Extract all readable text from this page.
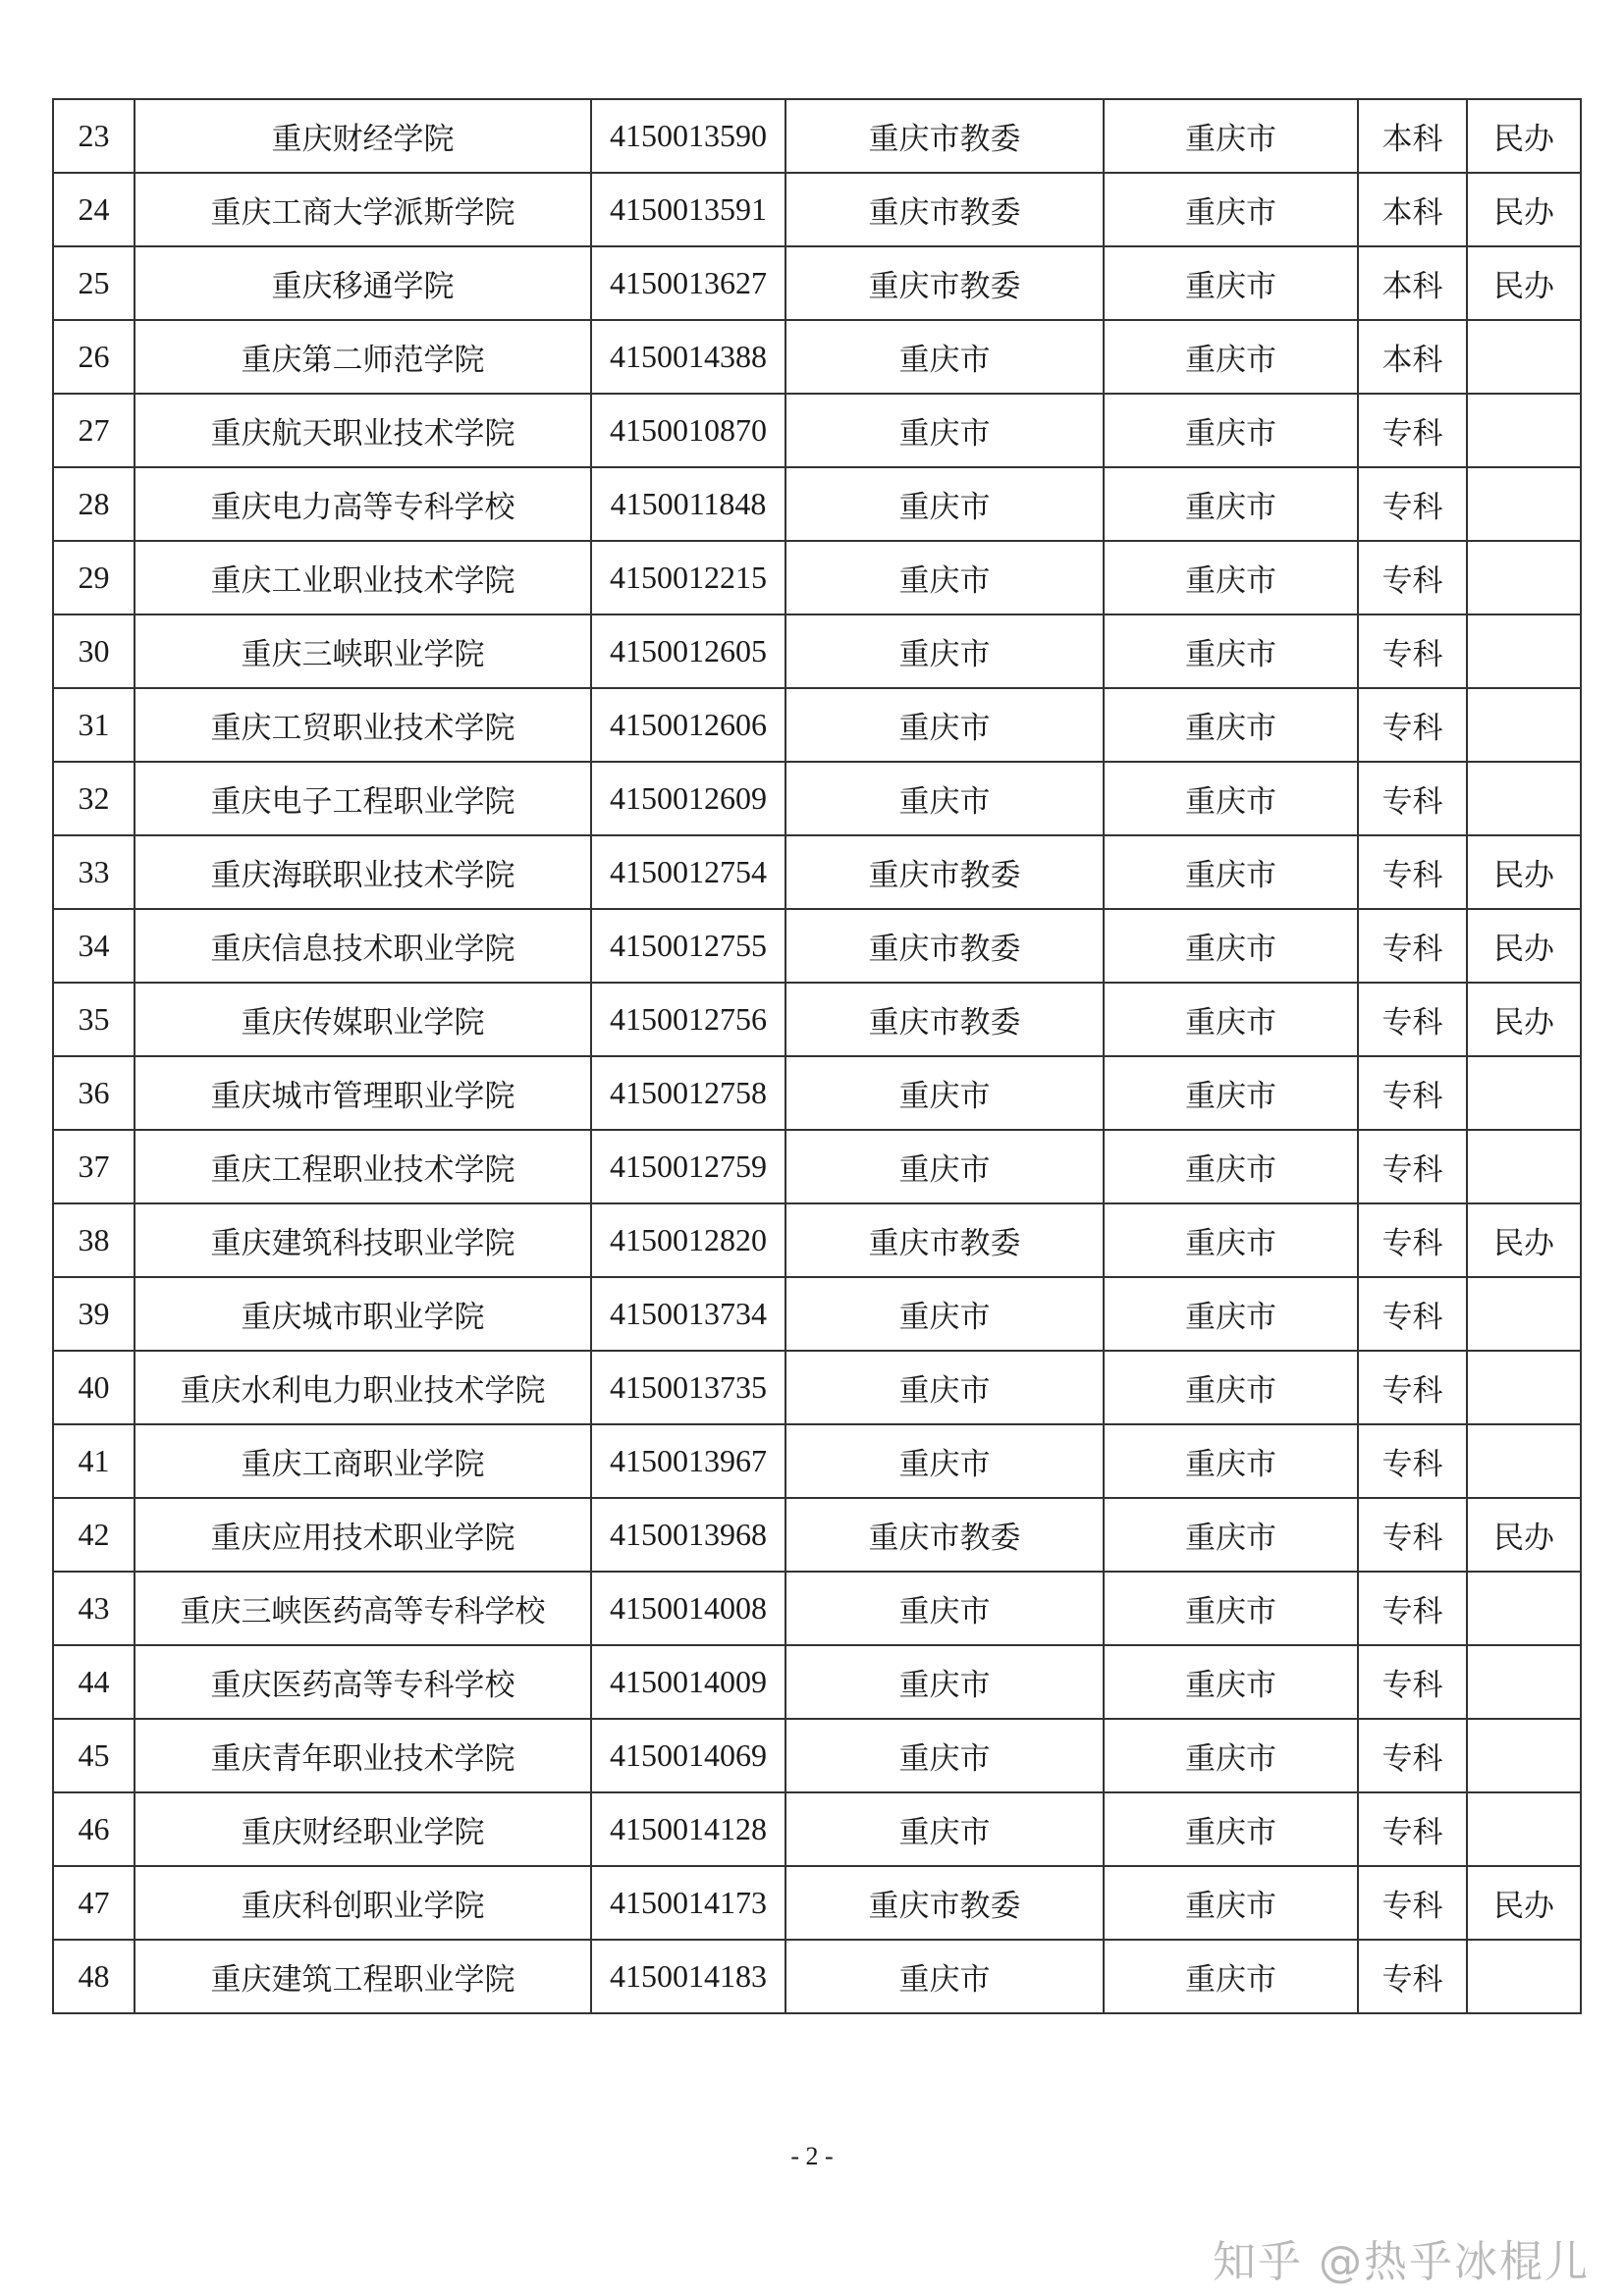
23	重庆财经学院	4150013590	重庆市教委	重庆市	本科	民办
24	重庆工商大学派斯学院	4150013591	重庆市教委	重庆市	本科	民办
25	重庆移通学院	4150013627	重庆市教委	重庆市	本科	民办
26	重庆第二师范学院	4150014388	重庆市	重庆市	本科	
27	重庆航天职业技术学院	4150010870	重庆市	重庆市	专科	
28	重庆电力高等专科学校	4150011848	重庆市	重庆市	专科	
29	重庆工业职业技术学院	4150012215	重庆市	重庆市	专科	
30	重庆三峡职业学院	4150012605	重庆市	重庆市	专科	
31	重庆工贸职业技术学院	4150012606	重庆市	重庆市	专科	
32	重庆电子工程职业学院	4150012609	重庆市	重庆市	专科	
33	重庆海联职业技术学院	4150012754	重庆市教委	重庆市	专科	民办
34	重庆信息技术职业学院	4150012755	重庆市教委	重庆市	专科	民办
35	重庆传媒职业学院	4150012756	重庆市教委	重庆市	专科	民办
36	重庆城市管理职业学院	4150012758	重庆市	重庆市	专科	
37	重庆工程职业技术学院	4150012759	重庆市	重庆市	专科	
38	重庆建筑科技职业学院	4150012820	重庆市教委	重庆市	专科	民办
39	重庆城市职业学院	4150013734	重庆市	重庆市	专科	
40	重庆水利电力职业技术学院	4150013735	重庆市	重庆市	专科	
41	重庆工商职业学院	4150013967	重庆市	重庆市	专科	
42	重庆应用技术职业学院	4150013968	重庆市教委	重庆市	专科	民办
43	重庆三峡医药高等专科学校	4150014008	重庆市	重庆市	专科	
44	重庆医药高等专科学校	4150014009	重庆市	重庆市	专科	
45	重庆青年职业技术学院	4150014069	重庆市	重庆市	专科	
46	重庆财经职业学院	4150014128	重庆市	重庆市	专科	
47	重庆科创职业学院	4150014173	重庆市教委	重庆市	专科	民办
48	重庆建筑工程职业学院	4150014183	重庆市	重庆市	专科	
- 2 -
知乎 @热乎冰棍儿
